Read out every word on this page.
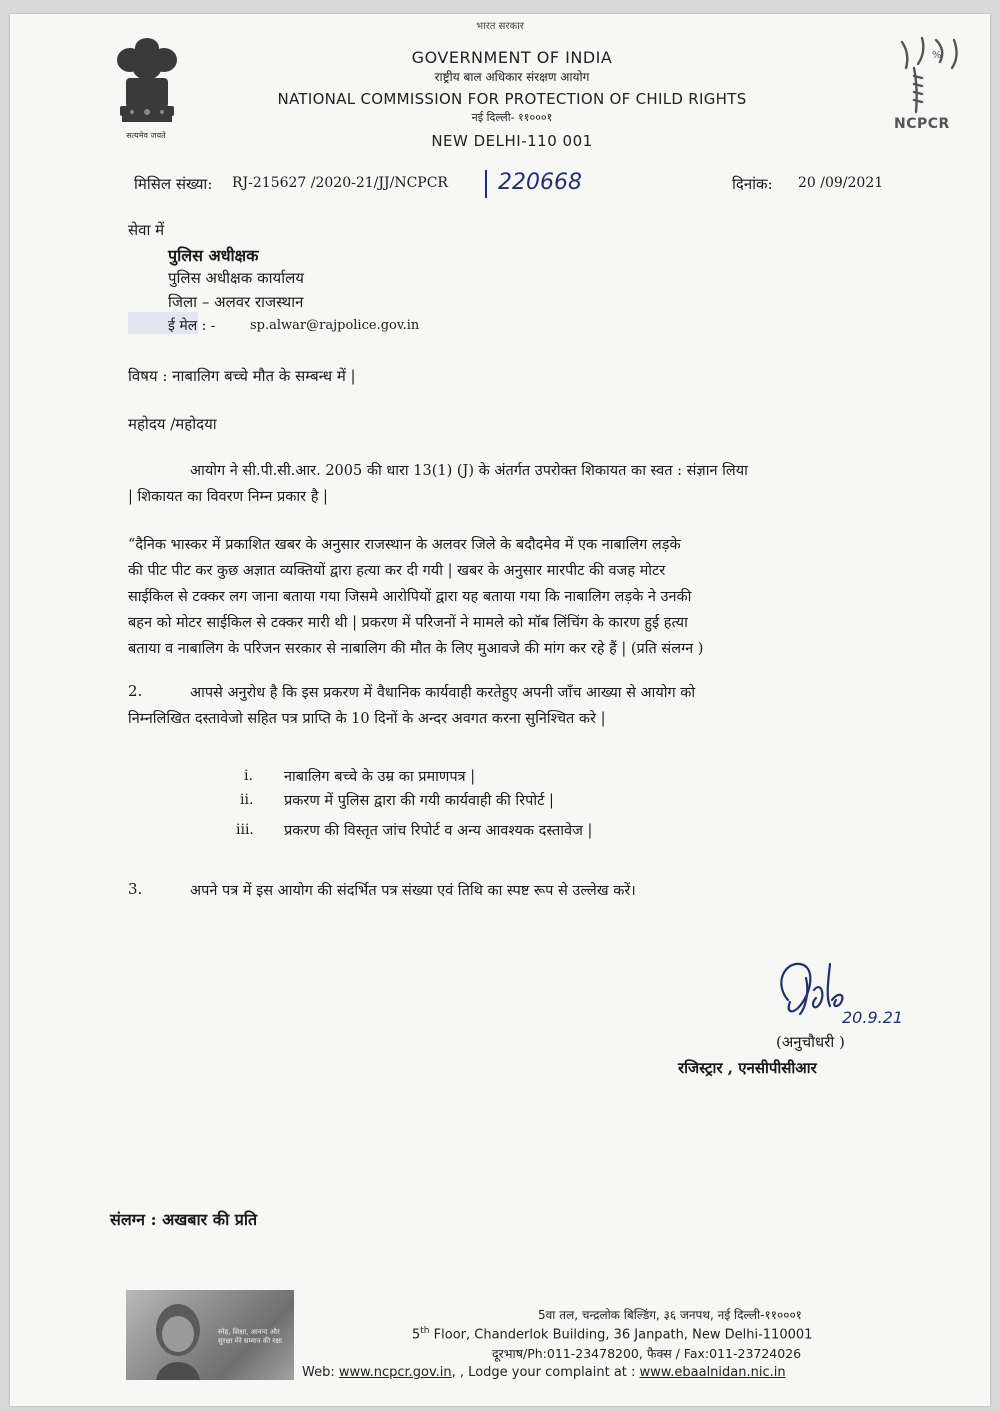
सत्यमेव जयते
भारत सरकार
GOVERNMENT OF INDIA
राष्ट्रीय बाल अधिकार संरक्षण आयोग
NATIONAL COMMISSION FOR PROTECTION OF CHILD RIGHTS
नई दिल्ली- ११०००१
NEW DELHI-110 001
%
NCPCR
मिसिल संख्या: RJ-215627 /2020-21/JJ/NCPCR 220668	दिनांक: 20 /09/2021
सेवा में
पुलिस अधीक्षक
पुलिस अधीक्षक कार्यालय
जिला – अलवर राजस्थान
ई मेल : -	sp.alwar@rajpolice.gov.in
विषय : नाबालिग बच्चे मौत के सम्बन्ध में |
महोदय /महोदया
आयोग ने सी.पी.सी.आर. 2005 की धारा 13(1) (J) के अंतर्गत उपरोक्त शिकायत का स्वत : संज्ञान लिया
| शिकायत का विवरण निम्न प्रकार है |
“दैनिक भास्कर में प्रकाशित खबर के अनुसार राजस्थान के अलवर जिले के बदौदमेव में एक नाबालिग लड़के
की पीट पीट कर कुछ अज्ञात व्यक्तियों द्वारा हत्या कर दी गयी | खबर के अनुसार मारपीट की वजह मोटर
साईकिल से टक्कर लग जाना बताया गया जिसमे आरोपियों द्वारा यह बताया गया कि नाबालिग लड़के ने उनकी
बहन को मोटर साईकिल से टक्कर मारी थी | प्रकरण में परिजनों ने मामले को मॉब लिंचिंग के कारण हुई हत्या
बताया व नाबालिग के परिजन सरकार से नाबालिग की मौत के लिए मुआवजे की मांग कर रहे हैं | (प्रति संलग्न )
2.	आपसे अनुरोध है कि इस प्रकरण में वैधानिक कार्यवाही करतेहुए अपनी जाँच आख्या से आयोग को
निम्नलिखित दस्तावेजो सहित पत्र प्राप्ति के 10 दिनों के अन्दर अवगत करना सुनिश्चित करे |
i. नाबालिग बच्चे के उम्र का प्रमाणपत्र |
ii. प्रकरण में पुलिस द्वारा की गयी कार्यवाही की रिपोर्ट |
iii. प्रकरण की विस्तृत जांच रिपोर्ट व अन्य आवश्यक दस्तावेज |
3.	अपने पत्र में इस आयोग की संदर्भित पत्र संख्या एवं तिथि का स्पष्ट रूप से उल्लेख करें।
20.9.21
(अनुचौधरी )
रजिस्ट्रार , एनसीपीसीआर
संलग्न : अखबार की प्रति
स्नेह, शिक्षा, आनन्द और सुरक्षा मेरे सम्मान की रक्षा
5वा तल, चन्द्रलोक बिल्डिंग, ३६ जनपथ, नई दिल्ली-११०००१
5th Floor, Chanderlok Building, 36 Janpath, New Delhi-110001
दूरभाष/Ph:011-23478200, फैक्स / Fax:011-23724026
Web: www.ncpcr.gov.in, , Lodge your complaint at : www.ebaalnidan.nic.in
